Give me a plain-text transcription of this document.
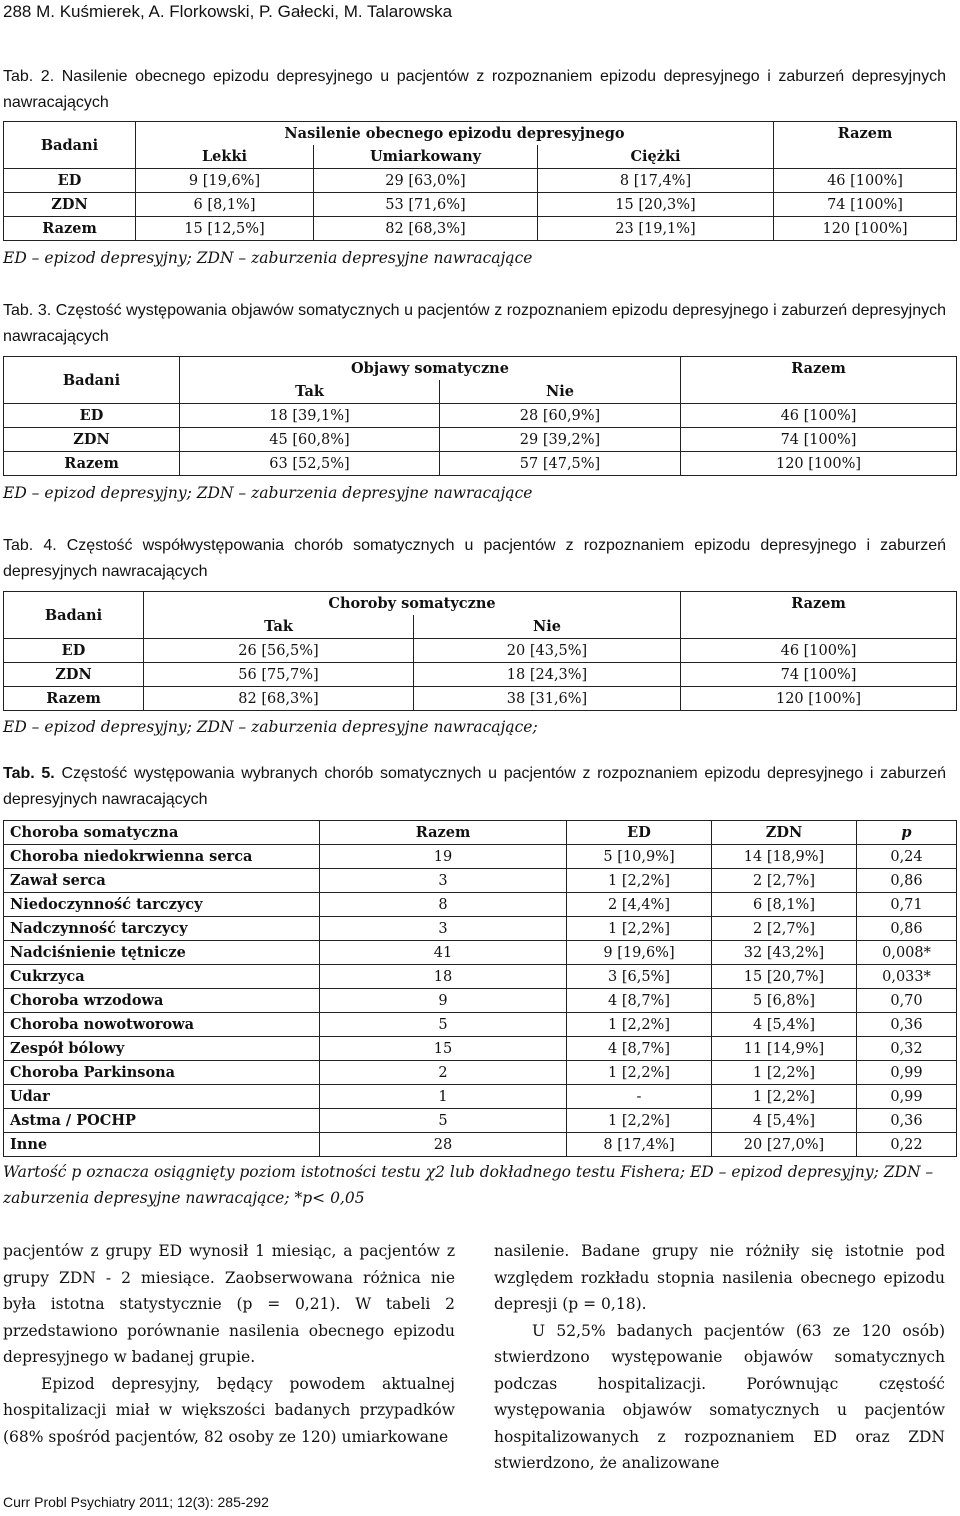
288 M. Kuśmierek, A. Florkowski, P. Gałecki, M. Talarowska
Tab. 2. Nasilenie obecnego epizodu depresyjnego u pacjentów z rozpoznaniem epizodu depresyjnego i zaburzeń depresyjnych nawracających
Badani	Nasilenie obecnego epizodu depresyjnego			Razem
	Lekki	Umiarkowany	Ciężki	
ED	9 [19,6%]	29 [63,0%]	8 [17,4%]	46 [100%]
ZDN	6 [8,1%]	53 [71,6%]	15 [20,3%]	74 [100%]
Razem	15 [12,5%]	82 [68,3%]	23 [19,1%]	120 [100%]
ED – epizod depresyjny; ZDN – zaburzenia depresyjne nawracające
Tab. 3. Częstość występowania objawów somatycznych u pacjentów z rozpoznaniem epizodu depresyjnego i zaburzeń depresyjnych nawracających
Badani	Objawy somatyczne		Razem
	Tak	Nie	
ED	18 [39,1%]	28 [60,9%]	46 [100%]
ZDN	45 [60,8%]	29 [39,2%]	74 [100%]
Razem	63 [52,5%]	57 [47,5%]	120 [100%]
ED – epizod depresyjny; ZDN – zaburzenia depresyjne nawracające
Tab. 4. Częstość współwystępowania chorób somatycznych u pacjentów z rozpoznaniem epizodu depresyjnego i zaburzeń depresyjnych nawracających
Badani	Choroby somatyczne		Razem
	Tak	Nie	
ED	26 [56,5%]	20 [43,5%]	46 [100%]
ZDN	56 [75,7%]	18 [24,3%]	74 [100%]
Razem	82 [68,3%]	38 [31,6%]	120 [100%]
ED – epizod depresyjny; ZDN – zaburzenia depresyjne nawracające;
Tab. 5. Częstość występowania wybranych chorób somatycznych u pacjentów z rozpoznaniem epizodu depresyjnego i zaburzeń depresyjnych nawracających
Choroba somatyczna	Razem	ED	ZDN	p
Choroba niedokrwienna serca	19	5 [10,9%]	14 [18,9%]	0,24
Zawał serca	3	1 [2,2%]	2 [2,7%]	0,86
Niedoczynność tarczycy	8	2 [4,4%]	6 [8,1%]	0,71
Nadczynność tarczycy	3	1 [2,2%]	2 [2,7%]	0,86
Nadciśnienie tętnicze	41	9 [19,6%]	32 [43,2%]	0,008*
Cukrzyca	18	3 [6,5%]	15 [20,7%]	0,033*
Choroba wrzodowa	9	4 [8,7%]	5 [6,8%]	0,70
Choroba nowotworowa	5	1 [2,2%]	4 [5,4%]	0,36
Zespół bólowy	15	4 [8,7%]	11 [14,9%]	0,32
Choroba Parkinsona	2	1 [2,2%]	1 [2,2%]	0,99
Udar	1	-	1 [2,2%]	0,99
Astma / POCHP	5	1 [2,2%]	4 [5,4%]	0,36
Inne	28	8 [17,4%]	20 [27,0%]	0,22
Wartość p oznacza osiągnięty poziom istotności testu χ2 lub dokładnego testu Fishera; ED – epizod depresyjny; ZDN – zaburzenia depresyjne nawracające; *p< 0,05

pacjentów z grupy ED wynosił 1 miesiąc, a pacjentów z grupy ZDN - 2 miesiące. Zaobserwowana różnica nie była istotna statystycznie (p = 0,21). W tabeli 2 przedstawiono porównanie nasilenia obecnego epizodu depresyjnego w badanej grupie.

Epizod depresyjny, będący powodem aktualnej hospitalizacji miał w większości badanych przypadków (68% spośród pacjentów, 82 osoby ze 120) umiarkowane

nasilenie. Badane grupy nie różniły się istotnie pod względem rozkładu stopnia nasilenia obecnego epizodu depresji (p = 0,18).

U 52,5% badanych pacjentów (63 ze 120 osób) stwierdzono występowanie objawów somatycznych podczas hospitalizacji. Porównując częstość występowania objawów somatycznych u pacjentów hospitalizowanych z rozpoznaniem ED oraz ZDN stwierdzono, że analizowane

Curr Probl Psychiatry 2011; 12(3): 285-292
